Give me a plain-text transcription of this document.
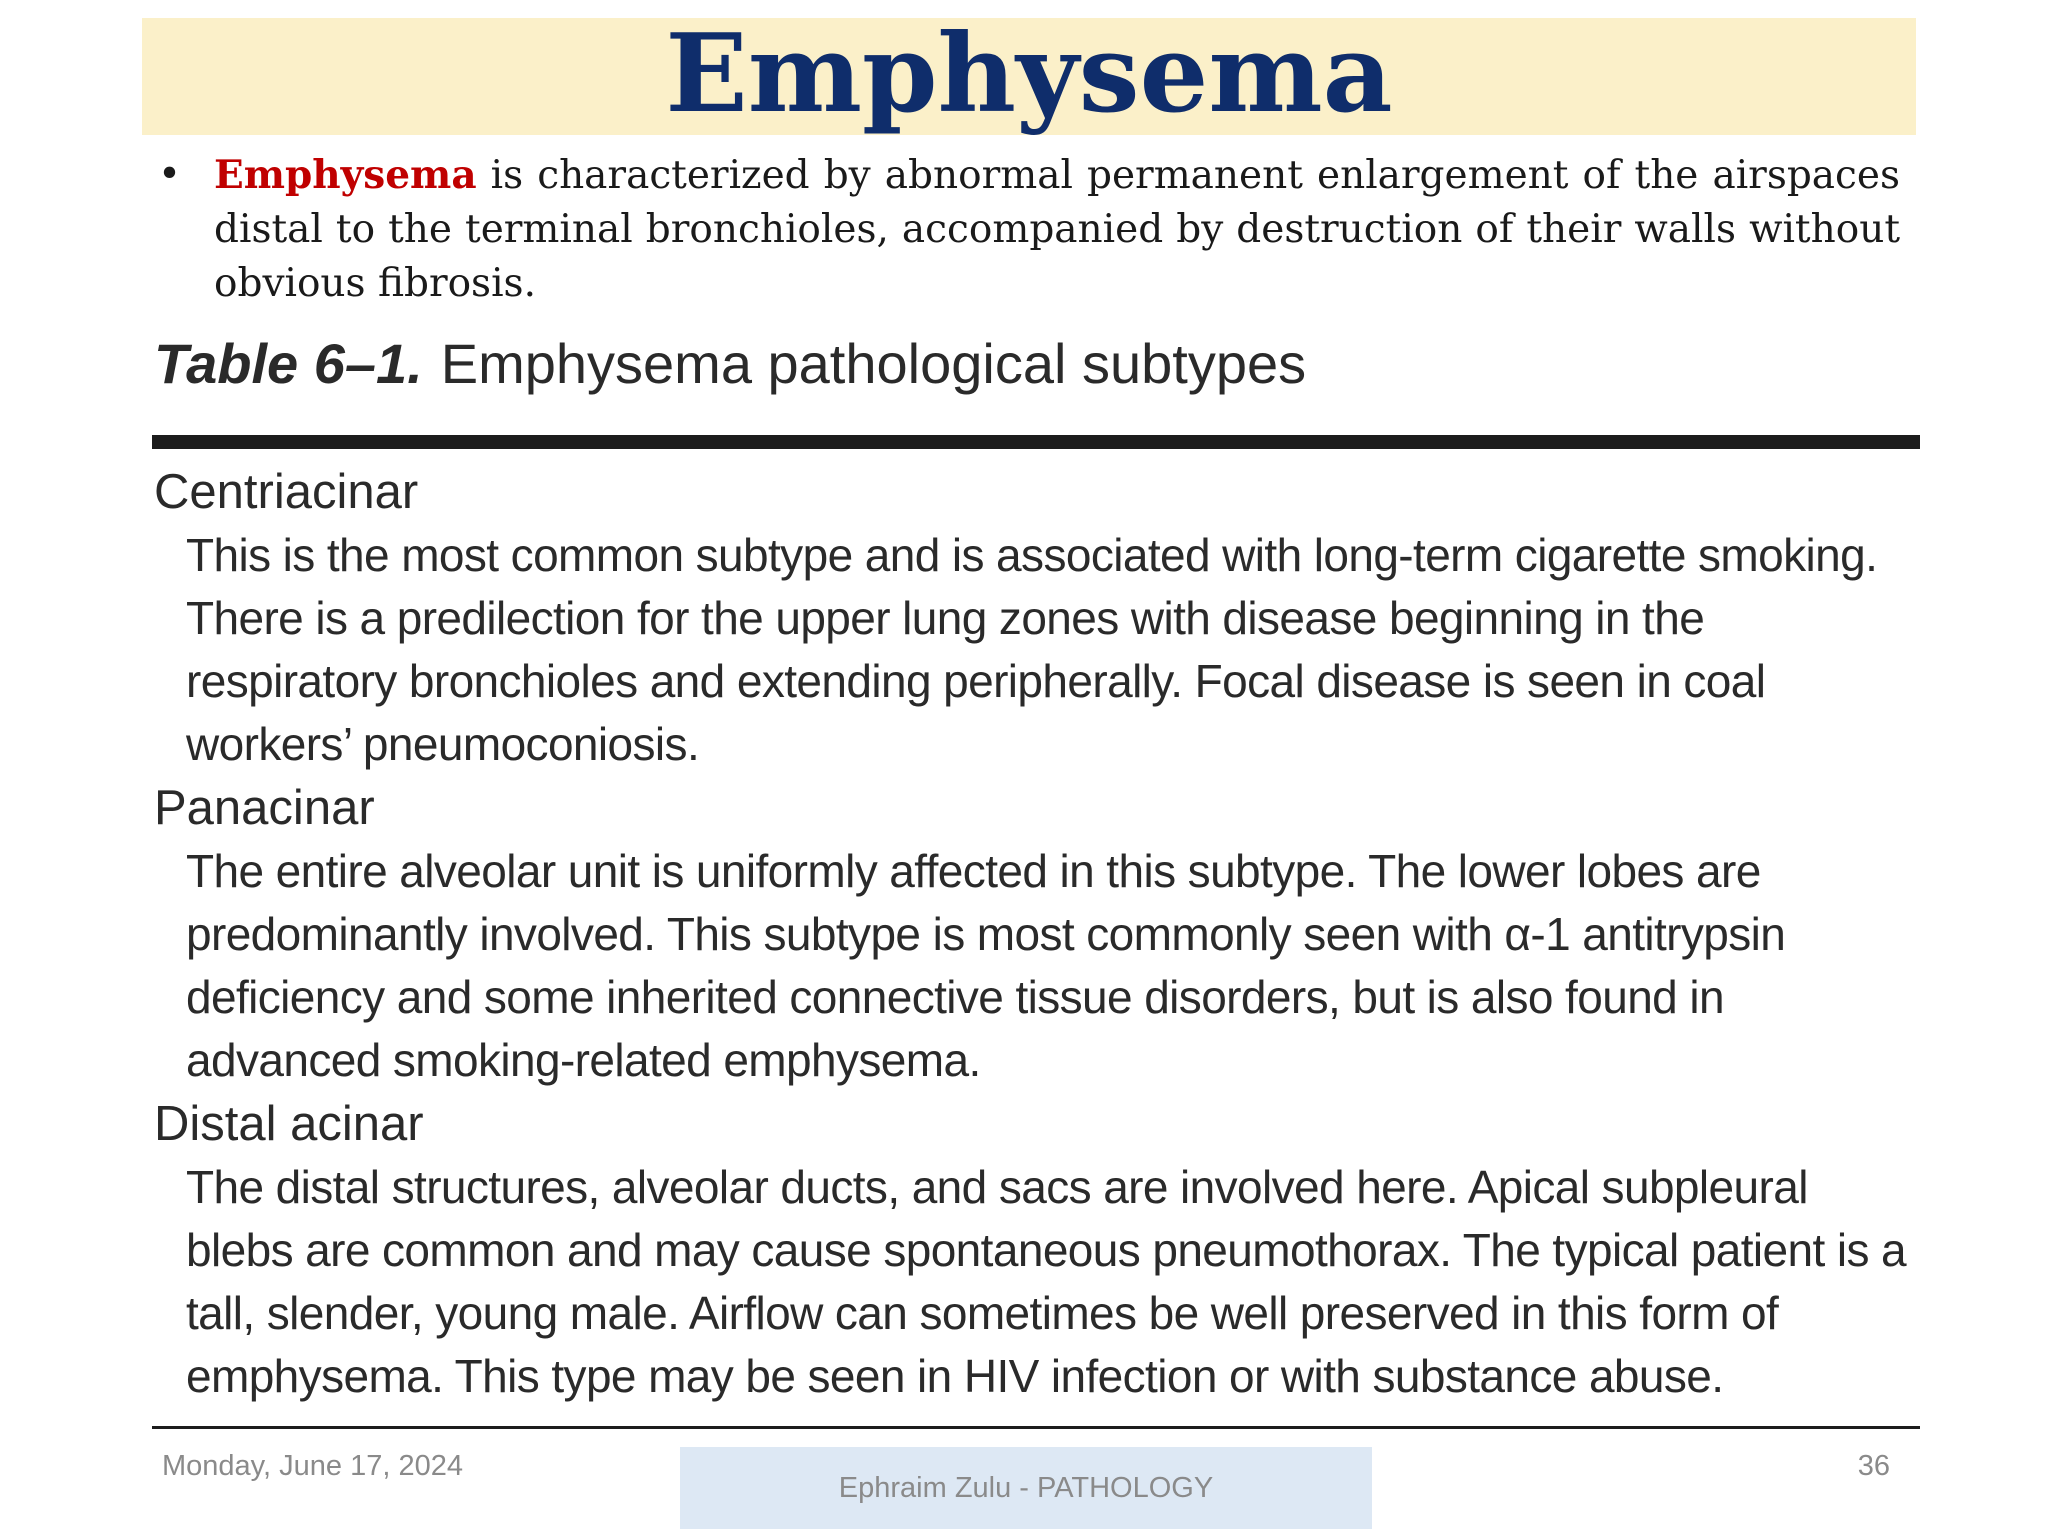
Emphysema
• Emphysema is characterized by abnormal permanent enlargement of the airspaces distal to the terminal bronchioles, accompanied by destruction of their walls without obvious fibrosis.
Table 6–1. Emphysema pathological subtypes

Centriacinar

This is the most common subtype and is associated with long-term cigarette smoking. There is a predilection for the upper lung zones with disease beginning in the respiratory bronchioles and extending peripherally. Focal disease is seen in coal workers’ pneumoconiosis.

Panacinar

The entire alveolar unit is uniformly affected in this subtype. The lower lobes are predominantly involved. This subtype is most commonly seen with α-1 antitrypsin deficiency and some inherited connective tissue disorders, but is also found in advanced smoking-related emphysema.

Distal acinar

The distal structures, alveolar ducts, and sacs are involved here. Apical subpleural blebs are common and may cause spontaneous pneumothorax. The typical patient is a tall, slender, young male. Airflow can sometimes be well preserved in this form of emphysema. This type may be seen in HIV infection or with substance abuse.

Monday, June 17, 2024
Ephraim Zulu - PATHOLOGY
36
